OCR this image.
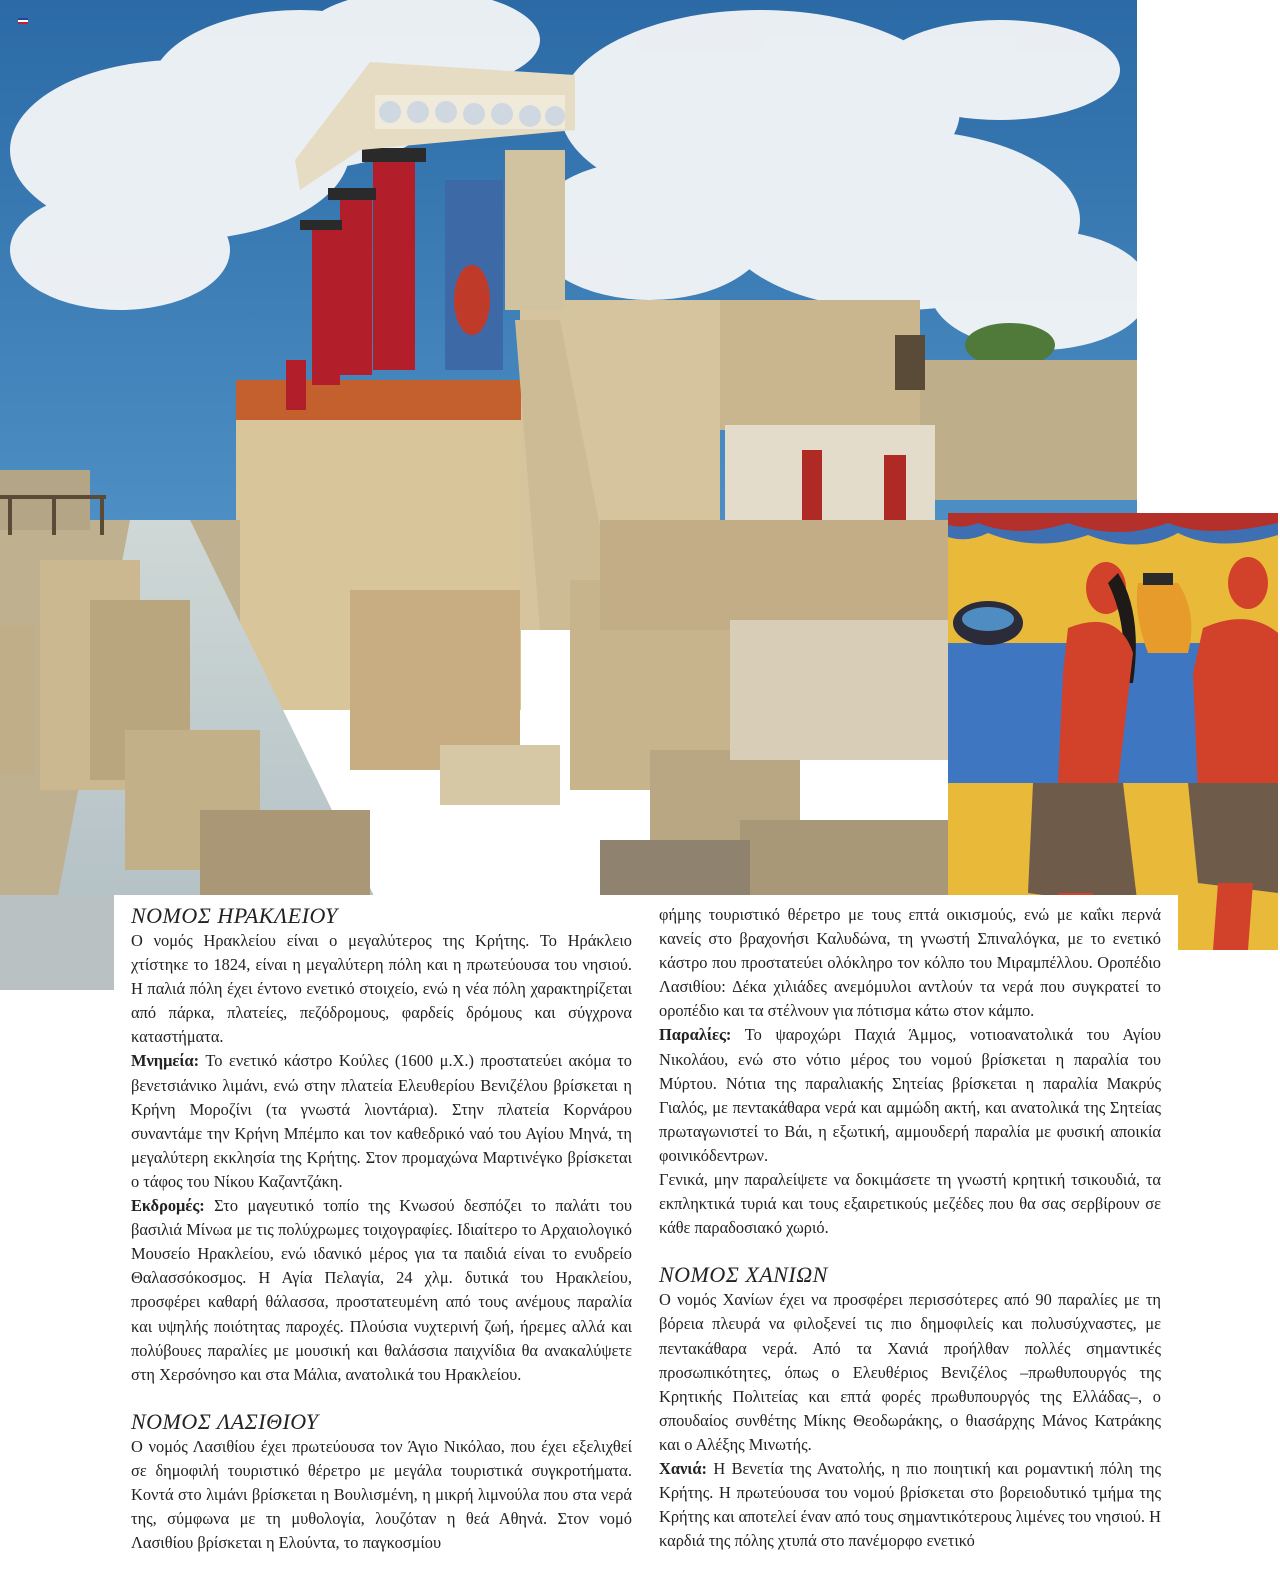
ΝΟΜΟΣ ΗΡΑΚΛΕΙΟΥ

Ο νομός Ηρακλείου είναι ο μεγαλύτερος της Κρήτης. Το Ηράκλειο χτίστηκε το 1824, είναι η μεγαλύτερη πόλη και η πρωτεύουσα του νησιού. Η παλιά πόλη έχει έντονο ενετικό στοιχείο, ενώ η νέα πόλη χαρακτηρίζεται από πάρκα, πλατείες, πεζόδρομους, φαρδείς δρόμους και σύγχρονα καταστήματα.

Μνημεία: Το ενετικό κάστρο Κούλες (1600 μ.Χ.) προστατεύει ακόμα το βενετσιάνικο λιμάνι, ενώ στην πλατεία Ελευθερίου Βενιζέλου βρίσκεται η Κρήνη Μοροζίνι (τα γνωστά λιοντάρια). Στην πλατεία Κορνάρου συναντάμε την Κρήνη Μπέμπο και τον καθεδρικό ναό του Αγίου Μηνά, τη μεγαλύτερη εκκλησία της Κρήτης. Στον προμαχώνα Μαρτινέγκο βρίσκεται ο τάφος του Νίκου Καζαντζάκη.

Εκδρομές: Στο μαγευτικό τοπίο της Κνωσού δεσπόζει το παλάτι του βασιλιά Μίνωα με τις πολύχρωμες τοιχογραφίες. Ιδιαίτερο το Αρχαιολογικό Μουσείο Ηρακλείου, ενώ ιδανικό μέρος για τα παιδιά είναι το ενυδρείο Θαλασσόκοσμος. Η Αγία Πελαγία, 24 χλμ. δυτικά του Ηρακλείου, προσφέρει καθαρή θάλασσα, προστατευμένη από τους ανέμους παραλία και υψηλής ποιότητας παροχές. Πλούσια νυχτερινή ζωή, ήρεμες αλλά και πολύβουες παραλίες με μουσική και θαλάσσια παιχνίδια θα ανακαλύψετε στη Χερσόνησο και στα Μάλια, ανατολικά του Ηρακλείου.

ΝΟΜΟΣ ΛΑΣΙΘΙΟΥ

Ο νομός Λασιθίου έχει πρωτεύουσα τον Άγιο Νικόλαο, που έχει εξελιχθεί σε δημοφιλή τουριστικό θέρετρο με μεγάλα τουριστικά συγκροτήματα. Κοντά στο λιμάνι βρίσκεται η Βουλισμένη, η μικρή λιμνούλα που στα νερά της, σύμφωνα με τη μυθολογία, λουζόταν η θεά Αθηνά. Στον νομό Λασιθίου βρίσκεται η Ελούντα, το παγκοσμίου

φήμης τουριστικό θέρετρο με τους επτά οικισμούς, ενώ με καΐκι περνά κανείς στο βραχονήσι Καλυδώνα, τη γνωστή Σπιναλόγκα, με το ενετικό κάστρο που προστατεύει ολόκληρο τον κόλπο του Μιραμπέλλου. Οροπέδιο Λασιθίου: Δέκα χιλιάδες ανεμόμυλοι αντλούν τα νερά που συγκρατεί το οροπέδιο και τα στέλνουν για πότισμα κάτω στον κάμπο.

Παραλίες: Το ψαροχώρι Παχιά Άμμος, νοτιοανατολικά του Αγίου Νικολάου, ενώ στο νότιο μέρος του νομού βρίσκεται η παραλία του Μύρτου. Νότια της παραλιακής Σητείας βρίσκεται η παραλία Μακρύς Γιαλός, με πεντακάθαρα νερά και αμμώδη ακτή, και ανατολικά της Σητείας πρωταγωνιστεί το Βάι, η εξωτική, αμμουδερή παραλία με φυσική αποικία φοινικόδεντρων.

Γενικά, μην παραλείψετε να δοκιμάσετε τη γνωστή κρητική τσικουδιά, τα εκπληκτικά τυριά και τους εξαιρετικούς μεζέδες που θα σας σερβίρουν σε κάθε παραδοσιακό χωριό.

ΝΟΜΟΣ ΧΑΝΙΩΝ

Ο νομός Χανίων έχει να προσφέρει περισσότερες από 90 παραλίες με τη βόρεια πλευρά να φιλοξενεί τις πιο δημοφιλείς και πολυσύχναστες, με πεντακάθαρα νερά. Από τα Χανιά προήλθαν πολλές σημαντικές προσωπικότητες, όπως ο Ελευθέριος Βενιζέλος –πρωθυπουργός της Κρητικής Πολιτείας και επτά φορές πρωθυπουργός της Ελλάδας–, ο σπουδαίος συνθέτης Μίκης Θεοδωράκης, ο θιασάρχης Μάνος Κατράκης και ο Αλέξης Μινωτής.

Χανιά: Η Βενετία της Ανατολής, η πιο ποιητική και ρομαντική πόλη της Κρήτης. Η πρωτεύουσα του νομού βρίσκεται στο βορειοδυτικό τμήμα της Κρήτης και αποτελεί έναν από τους σημαντικότερους λιμένες του νησιού. Η καρδιά της πόλης χτυπά στο πανέμορφο ενετικό
